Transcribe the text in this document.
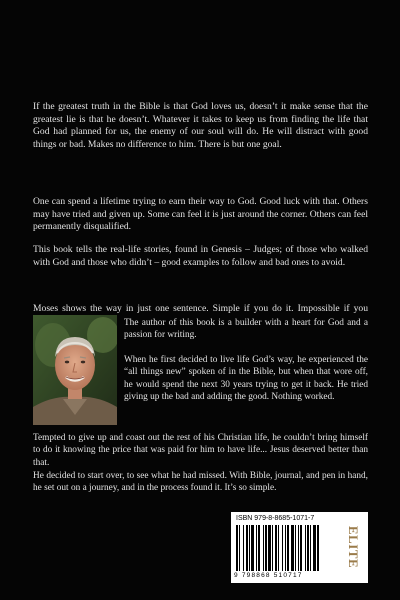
If the greatest truth in the Bible is that God loves us, doesn’t it make sense that the greatest lie is that he doesn’t. Whatever it takes to keep us from finding the life that God had planned for us, the enemy of our soul will do. He will distract with good things or bad. Makes no difference to him. There is but one goal.

One can spend a lifetime trying to earn their way to God. Good luck with that. Others may have tried and given up. Some can feel it is just around the corner. Others can feel permanently disqualified.

This book tells the real-life stories, found in Genesis – Judges; of those who walked with God and those who didn’t – good examples to follow and bad ones to avoid.

Moses shows the way in just one sentence. Simple if you do it. Impossible if you

The author of this book is a builder with a heart for God and a passion for writing.

When he first decided to live life God’s way, he experienced the “all things new” spoken of in the Bible, but when that wore off, he would spend the next 30 years trying to get it back. He tried giving up the bad and adding the good. Nothing worked.

Tempted to give up and coast out the rest of his Christian life, he couldn’t bring himself to do it knowing the price that was paid for him to have life... Jesus deserved better than that.

He decided to start over, to see what he had missed. With Bible, journal, and pen in hand, he set out on a journey, and in the process found it. It’s so simple.

ISBN 979-8-8685-1071-7
9 798868 510717
ELITE
